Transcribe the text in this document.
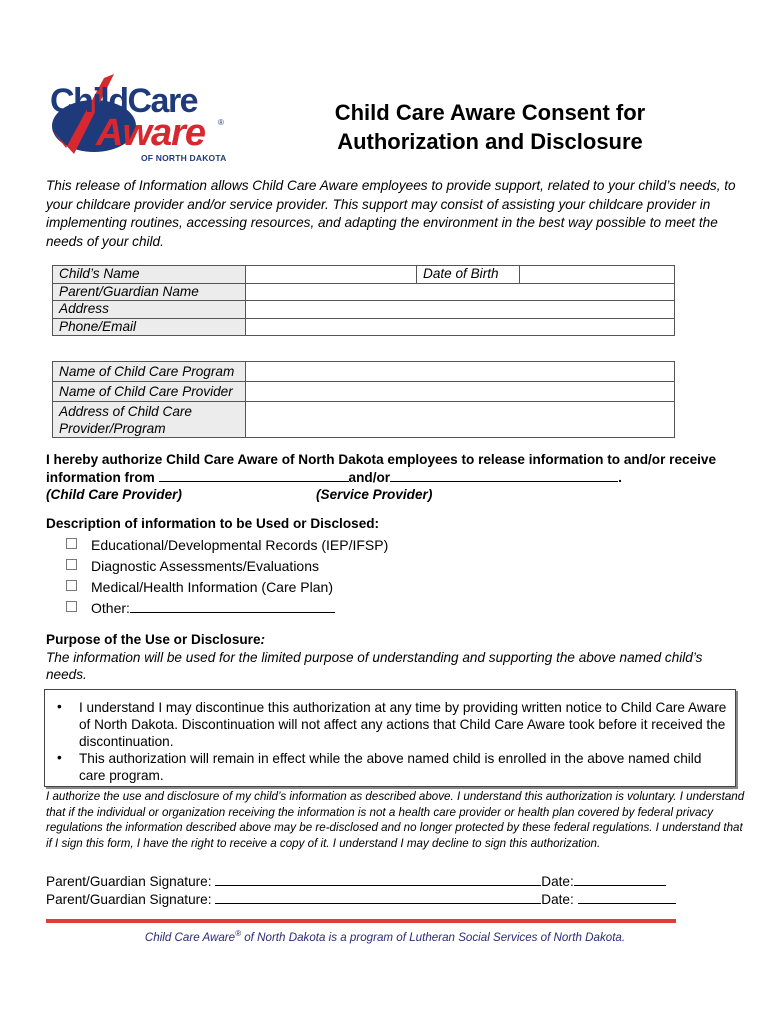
ChildCare
Aware ®
OF NORTH DAKOTA
Child Care Aware Consent for
Authorization and Disclosure
This release of Information allows Child Care Aware employees to provide support, related to your child’s needs, to your childcare provider and/or service provider. This support may consist of assisting your childcare provider in implementing routines, accessing resources, and adapting the environment in the best way possible to meet the needs of your child.
Child’s Name		Date of Birth	
Parent/Guardian Name			
Address			
Phone/Email			
Name of Child Care Program	
Name of Child Care Provider	

Address of Child Care
Provider/Program	

I hereby authorize Child Care Aware of North Dakota employees to release information to and/or receive
information from	and/or	.
(Child Care Provider)	(Service Provider)
Description of information to be Used or Disclosed:
Educational/Developmental Records (IEP/IFSP)
Diagnostic Assessments/Evaluations
Medical/Health Information (Care Plan)
Other:
Purpose of the Use or Disclosure:
The information will be used for the limited purpose of understanding and supporting the above named child’s needs.
• I understand I may discontinue this authorization at any time by providing written notice to Child Care Aware of North Dakota. Discontinuation will not affect any actions that Child Care Aware took before it received the discontinuation.
• This authorization will remain in effect while the above named child is enrolled in the above named child care program.
I authorize the use and disclosure of my child’s information as described above. I understand this authorization is voluntary. I understand that if the individual or organization receiving the information is not a health care provider or health plan covered by federal privacy regulations the information described above may be re-disclosed and no longer protected by these federal regulations. I understand that if I sign this form, I have the right to receive a copy of it. I understand I may decline to sign this authorization.
Parent/Guardian Signature:	Date:
Parent/Guardian Signature:	Date:
Child Care Aware® of North Dakota is a program of Lutheran Social Services of North Dakota.
